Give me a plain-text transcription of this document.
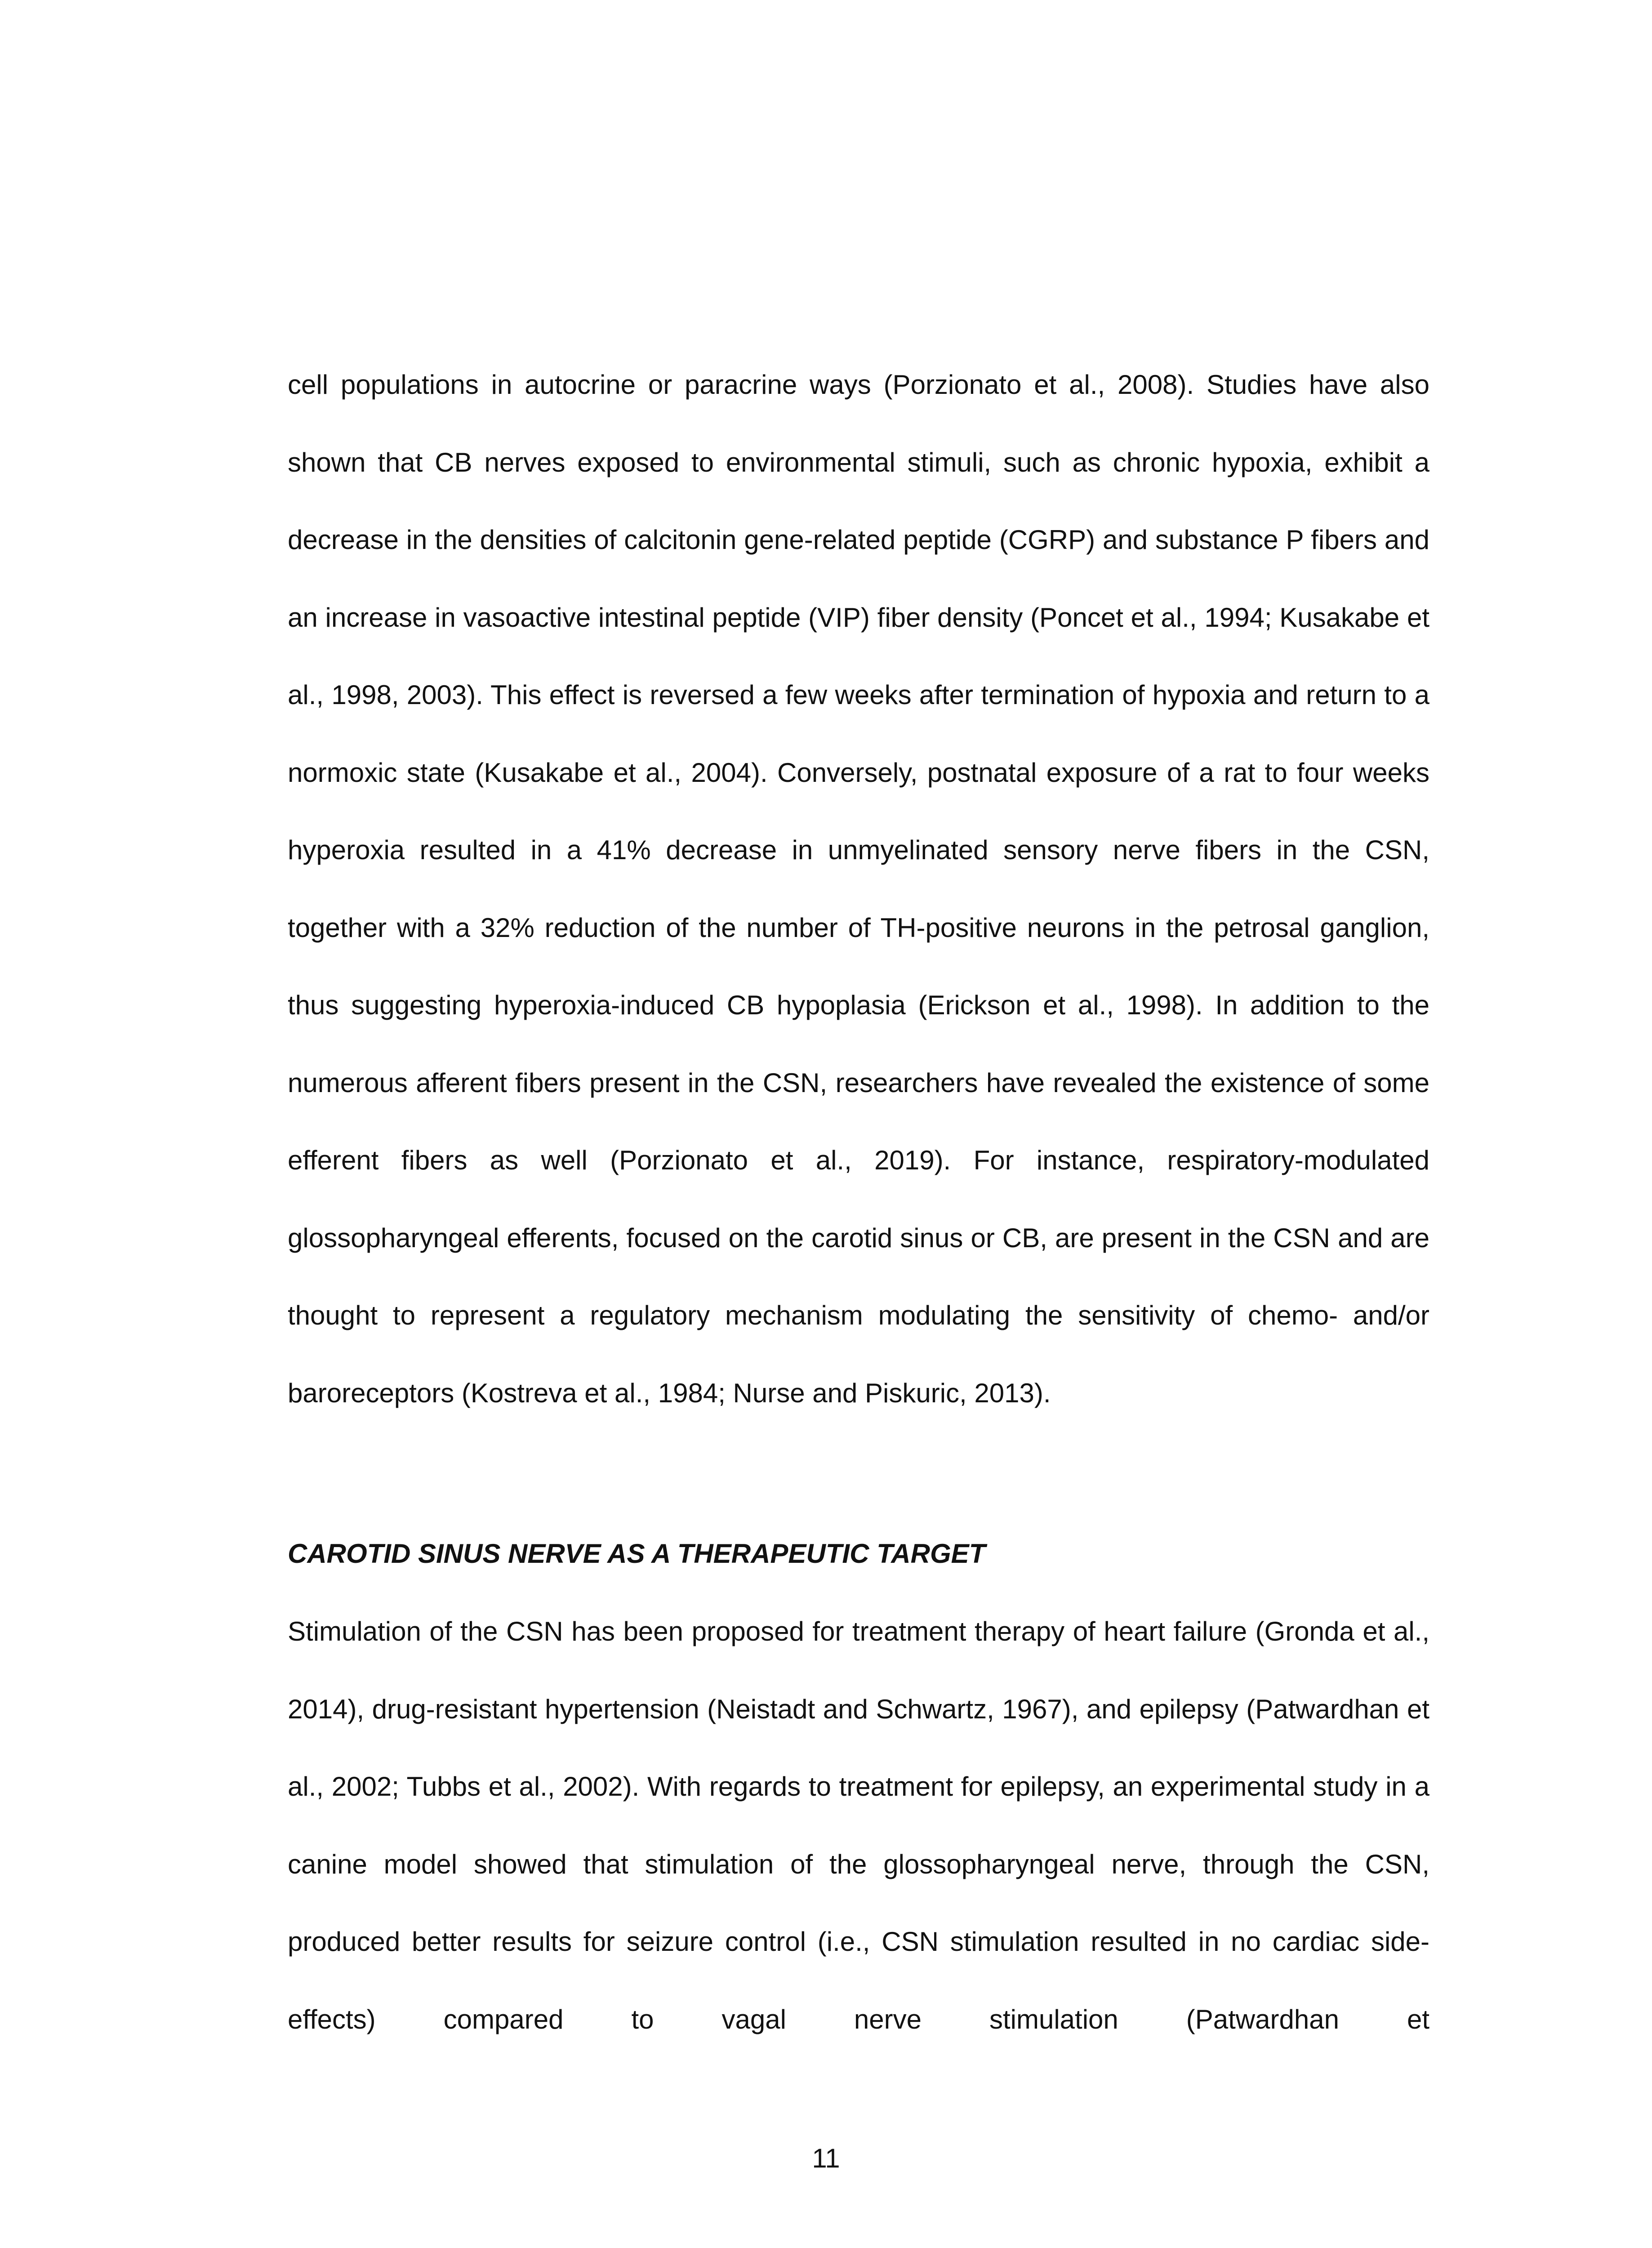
cell populations in autocrine or paracrine ways (Porzionato et al., 2008). Studies have also shown that CB nerves exposed to environmental stimuli, such as chronic hypoxia, exhibit a decrease in the densities of calcitonin gene-related peptide (CGRP) and substance P fibers and an increase in vasoactive intestinal peptide (VIP) fiber density (Poncet et al., 1994; Kusakabe et al., 1998, 2003). This effect is reversed a few weeks after termination of hypoxia and return to a normoxic state (Kusakabe et al., 2004). Conversely, postnatal exposure of a rat to four weeks hyperoxia resulted in a 41% decrease in unmyelinated sensory nerve fibers in the CSN, together with a 32% reduction of the number of TH-positive neurons in the petrosal ganglion, thus suggesting hyperoxia-induced CB hypoplasia (Erickson et al., 1998). In addition to the numerous afferent fibers present in the CSN, researchers have revealed the existence of some efferent fibers as well (Porzionato et al., 2019). For instance, respiratory-modulated glossopharyngeal efferents, focused on the carotid sinus or CB, are present in the CSN and are thought to represent a regulatory mechanism modulating the sensitivity of chemo- and/or baroreceptors (Kostreva et al., 1984; Nurse and Piskuric, 2013).

CAROTID SINUS NERVE AS A THERAPEUTIC TARGET

Stimulation of the CSN has been proposed for treatment therapy of heart failure (Gronda et al., 2014), drug-resistant hypertension (Neistadt and Schwartz, 1967), and epilepsy (Patwardhan et al., 2002; Tubbs et al., 2002). With regards to treatment for epilepsy, an experimental study in a canine model showed that stimulation of the glossopharyngeal nerve, through the CSN, produced better results for seizure control (i.e., CSN stimulation resulted in no cardiac side-effects) compared to vagal nerve stimulation (Patwardhan et

11
